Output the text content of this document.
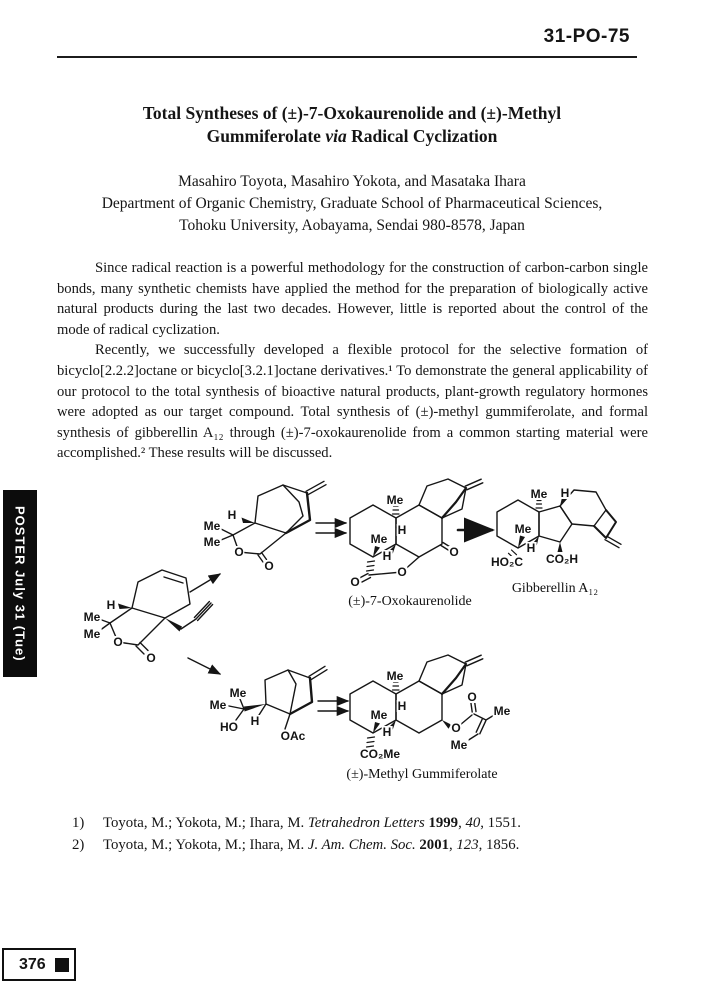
31-PO-75
Total Syntheses of (±)-7-Oxokaurenolide and (±)-Methyl
Gummiferolate via Radical Cyclization
Masahiro Toyota, Masahiro Yokota, and Masataka Ihara
Department of Organic Chemistry, Graduate School of Pharmaceutical Sciences,
Tohoku University, Aobayama, Sendai 980-8578, Japan

Since radical reaction is a powerful methodology for the construction of carbon-carbon single bonds, many synthetic chemists have applied the method for the preparation of biologically active natural products during the last two decades. However, little is reported about the control of the mode of radical cyclization.

Recently, we successfully developed a flexible protocol for the selective formation of bicyclo[2.2.2]octane or bicyclo[3.2.1]octane derivatives.¹ To demonstrate the general applicability of our protocol to the total synthesis of bioactive natural products, plant-growth regulatory hormones were adopted as our target compound. Total synthesis of (±)-methyl gummiferolate, and formal synthesis of gibberellin A₁₂ through (±)-7-oxokaurenolide from a common starting material were accomplished.² These results will be discussed.

H
Me
Me
O
O
H
Me
Me
O
O
Me
Me
H
H	O
O
O
Me H
Me
H
HO₂C CO₂H
Me
Me
HO H
OAc
Me
Me
H
H
CO₂Me
O
O
Me
Me
(±)-7-Oxokaurenolide
Gibberellin A₁₂
(±)-Methyl Gummiferolate
POSTER July 31 (Tue)
1)	Toyota, M.; Yokota, M.; Ihara, M. Tetrahedron Letters 1999, 40, 1551.
2)	Toyota, M.; Yokota, M.; Ihara, M. J. Am. Chem. Soc. 2001, 123, 1856.
376
